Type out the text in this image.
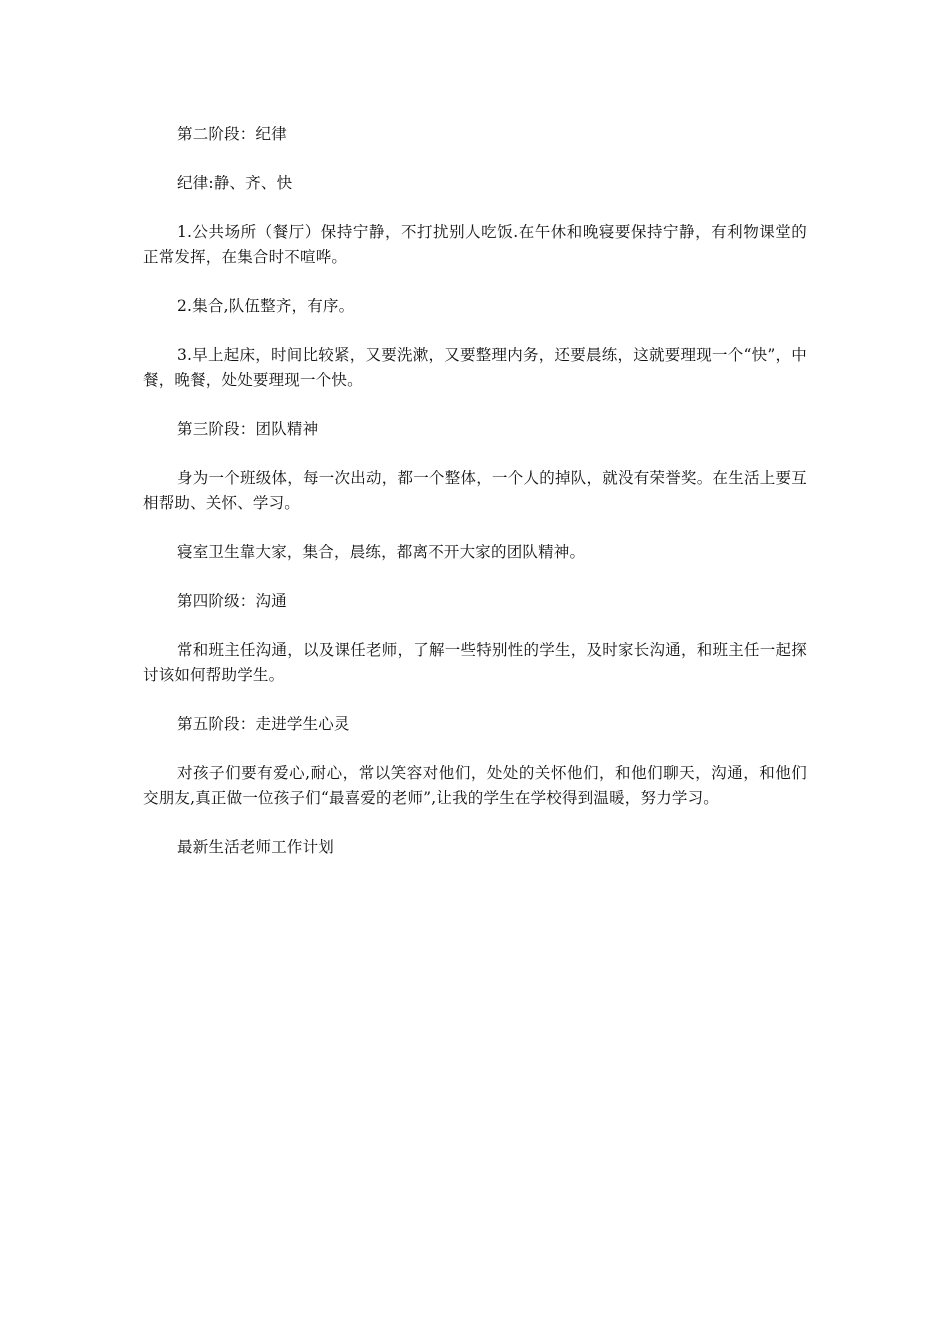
第二阶段：纪律

纪律:静、齐、快

1.公共场所（餐厅）保持宁静，不打扰别人吃饭.在午休和晚寝要保持宁静，有利物课堂的正常发挥，在集合时不喧哗。

2.集合,队伍整齐，有序。

3.早上起床，时间比较紧，又要洗漱，又要整理内务，还要晨练，这就要理现一个“快”，中餐，晚餐，处处要理现一个快。

第三阶段：团队精神

身为一个班级体，每一次出动，都一个整体，一个人的掉队，就没有荣誉奖。在生活上要互相帮助、关怀、学习。

寝室卫生靠大家，集合，晨练，都离不开大家的团队精神。

第四阶级：沟通

常和班主任沟通，以及课任老师，了解一些特别性的学生，及时家长沟通，和班主任一起探讨该如何帮助学生。

第五阶段：走进学生心灵

对孩子们要有爱心,耐心，常以笑容对他们，处处的关怀他们，和他们聊天，沟通，和他们交朋友,真正做一位孩子们“最喜爱的老师”,让我的学生在学校得到温暖，努力学习。

最新生活老师工作计划
